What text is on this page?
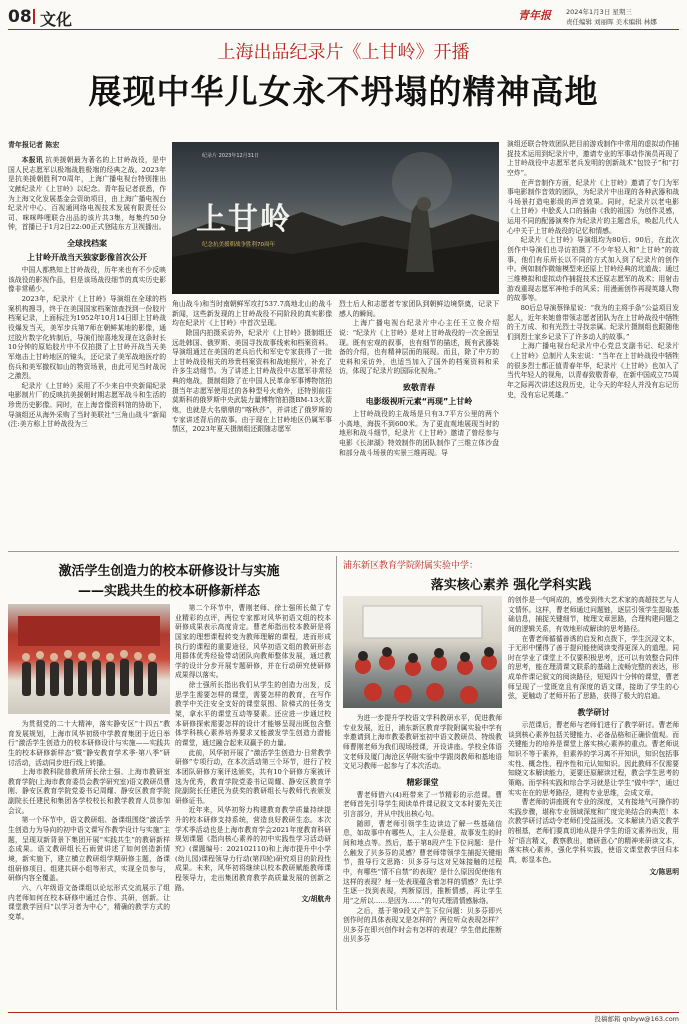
08 文化	青年报 2024年1月3日 星期三
责任编辑 刘丽晖 美术编辑 林娜
上海出品纪录片《上甘岭》开播
展现中华儿女永不坍塌的精神高地
青年报记者 陈宏

本报讯 抗美援朝最为著名的上甘岭战役，是中国人民志愿军以极端战胜极端的经典之战。2023年是抗美援朝胜利70周年，上海广播电视台特别推出文献纪录片《上甘岭》以纪念。青年报记者获悉，作为上海文化发展基金会资助项目，由上海广播电视台纪录片中心、百视通网络电视技术发展有限责任公司、咪咪哔哩联合出品的该片共3集，每集约50分钟，首播已于1月2日22:00正式登陆东方卫视播出。

全球找档案
上甘岭开战当天独家影像首次公开

中国人都熟知上甘岭战役，历年来也有不少反映该战役的影视作品，但是该场战役细节的真实历史影像非常稀少。

2023年，纪录片《上甘岭》导演组在全球的档案机构搜寻，终于在美国国家档案馆查找到一份胶片档案记录，上面标注为1952年10月14日即上甘岭战役爆发当天，美军步兵第7师在朝鲜某地的影像，通过胶片数字化转制后，导演们惊喜地发现在这条时长10分钟的原始胶片中不仅拍摄了上甘岭开战当天美军炮击上甘岭地区的镜头，还记录了美军战地医疗的伤兵和美军撤权如山的物资场景，由此可见当时战况之激烈。

纪录片《上甘岭》采用了不少来自中央新闻纪录电影制片厂的反映抗美援朝时期志愿军战斗和生活的珍贵历史影像。同时，在上海音像资料馆的协助下，导演组还从海外采购了当时美联社“三角山战斗”新闻(注:美方称上甘岭战役为三

纪录片 2023年12月31日
上甘岭
纪念抗美援朝战争胜利70周年

角山战斗)和当时南朝鲜军攻打537.7高地北山的战斗新闻，这些新发现的上甘岭战役不同阶段的真实影像均在纪录片《上甘岭》中首次呈现。

除国内拍摄采访外，纪录片《上甘岭》摄制组还远赴韩国、俄罗斯、美国寻找故事线索和档案资料。导演组通过在美国的老兵后代和军史专家获得了一批上甘岭战役相关的珍贵档案资料和战地照片，补充了许多生动细节。为了讲述上甘岭战役中志愿军非常经典的炮战，摄制组除了在中国人民革命军事博物馆拍摄当年志愿军使用过的各种型号火炮外，还特别前往莫斯科的俄罗斯中央武装力量博物馆拍摄BM-13火箭炮，也就是大名鼎鼎的“喀秋莎”，并讲述了俄罗斯的专家讲述背后的故事。由于现在上甘岭地区仍属军事禁区，2023年夏天摄制组还跟随志愿军

烈士后人和志愿者专家团队到朝鲜边境祭奠，记录下感人的瞬间。

上海广播电视台纪录片中心主任王立俊介绍说：“纪录片《上甘岭》是对上甘岭战役的一次全面呈现。既有宏观的叙事，也有细节的描述，既有武器装备的介绍，也有精神层面的展现。而且，除了中方的史料和采访外，也适当加入了国外的档案资料和采访，体现了纪录片的国际化视角。”

致敬青春
电影级视听元素“再现”上甘岭

上甘岭战役的主战场是只有3.7平方公里的两个小高地，海拔不到600米。为了更直观地展现当时的地形和战斗细节，纪录片《上甘岭》邀请了曾经参与电影《长津湖》特效制作的团队制作了三维立体沙盘和部分战斗场景的实景三维再现。导

演组还联合特效团队把目前游戏制作中常用的虚拟动作捕捉技术运用到纪录片中，邀请专业的军事动作演员再现了上甘岭战役中志愿军老兵发明的创新战术“包饺子”和“打空炸”。

在声音制作方面，纪录片《上甘岭》邀请了专门为军事电影制作音效的团队，为纪录片中出现的各种武器和战斗场景打造电影级的声音效果。同时，纪录片以老电影《上甘岭》中脍炙人口的插曲《我的祖国》为创作灵感，运用不同的配器演奏作为纪录片的主题音乐，唤起几代人心中关于上甘岭战役的记忆和情感。

纪录片《上甘岭》导演组均为80后、90后，在此次创作中导演们也寻访拍摄了不少年轻人和“上甘岭”的故事，他们有乐所长以不同的方式加入到了纪录片的创作中。例如制作微缩模型来还原上甘岭经典的坑道战；通过三维模拟和虚拟动作捕捉技术还原志愿军的战术；用射击游戏重现志愿军神枪手的风采；用漫画创作再现英雄人物的故事等。

80后总导演蔡锋星说：“我为的主将手条“公益项目发起人，近年来她曾带领志愿者团队为在上甘岭战役中牺牲的王万成、和有光烈士寻找亲属。纪录片摄制组也跟随他们到烈士家乡记录下了许多动人的故事。”

上海广播电视台纪录片中心党总支副书记、纪录片《上甘岭》总制片人朱宏说：“当年在上甘岭战役中牺牲的很多烈士都正值青春年华，纪录片《上甘岭》也加入了当代年轻人的视角，以青春致敬青春，在新中国成立75周年之际再次讲述这段历史，让今天的年轻人并没有忘记历史，没有忘记英雄。”

激活学生创造力的校本研修设计与实施
——实践共生的校本研修新样态

为贯彻党的二十大精神，落实静安区“十四五”教育发展规划，上海市风华初级中学教育集团于近日举行“激活学生创造力的校本研修设计与实施——实践共生的校本研修新样态”暨“静安教育学术季·第八季”研讨活动，活动同步进行线上转播。

上海市教科院普教所所长徐士强、上海市教研室教育学院(上海市教育委员会教学研究室)语文教研员曹刚、静安区教育学院党委书记周耀、静安区教育学院副院长任建民和集团各学校校长和教学教育人员参加会议。

第一个环节中，语文教研组、备课组围绕“激活学生创造力为导向的初中语文课写作教学设计与实施”主题，呈现双新背景下集团开展“实践共生”的教研新样态成果。语文教研组长石雨萱讲述了如何创造新情境，新实施下，建立横立教研组学期研修主题，备课组研修项目、组建共研小组等形式，实现全员参与，研修内容全覆盖。

六、八年级语文备课组以论坛形式交流展示了组内老师如何在校本研修中通过合作、共研，创新。让课堂教学回归“以学习者为中心”，精确的教学方式的变革。

第二个环节中，曹刚老师、徐士强所长做了专业精彩的点评，两位专家都对风华初语文组的校本研修成果表示高度肯定。曹老师指出校本教研是将国家的理想课程转变为教师理解的课程，进而形成执行的课程的重要途径，风华初语文组的教研形态用群体优秀经验带动团队向教师整体发展，通过教学的设计分步开展专题研修，并在行动研究使研修成果得以落实。

徐士强所长指出我们从学生的创造力出发，反思学生需要怎样的课堂，需要怎样的教育，在写作教学中关注安全支好的课堂氛围、阶梯式的任务支架，拿水平的课堂互动等要素。还应进一步通过校本研修探索需要怎样的设计才能够呈现出既包含整体学科核心素养培养要求又能激发学生创造力潜能的课堂，通过融合起来双赢予的力量。

此前，风华初开展了“激活学生创造力·日常教学研修”专项行动，在本次活动第三个环节，进行了校本团队研修方案评选颁奖，共有10个研修方案被评选为优秀，教育学院党委书记周耀、静安区教育学院副院长任建民为获奖的教研组长与教师代表颁发研修证书。

近年来，风华初努力构建教育教学质量持续提升的校本研修支持系统，营造良好教研生态。本次学术季活动也是上海市教育学会2021年度教育科研规划课题《指向核心素养的初中实践性学习活动研究》(课题编号：202102110)和上海市提升中小学(幼儿园)课程领导力行动(第四轮)研究项目的阶段性成果。未来，风华初将继续以校本教研赋能教师课程领导力，走出集团教育教学高质量发展的创新之路。

文/胡航舟
浦东新区教育学院附属实验中学：
落实核心素养 强化学科实践

为进一步提升学校语文学科教研水平，促进教师专业发展，近日，浦东新区教育学院附属实验中学有幸邀请到上海市教委教研室初中语文教研员、特级教师曹刚老师为我们现场授课，开设讲座。学校全体语文老师及厦门海沧区华附实验中学跟岗教师和基地语文见习教师一起参与了本次活动。

精彩课堂

曹老师借六(4)班带来了一节精彩的示范课。曹老师首先引导学生阅读单件课记叙文文本时要先关注引言部分，并从中找出核心句。

随即，曹老师引领学生边读边了解一些基础信息，如故事中有哪些人，主人公是谁，故事发生的时间和地点等。然后，基于第8段产生下位问题：是什么触发了贝多芬的灵感？曹老师带领学生捕捉关键细节，推导行文思路：贝多芬与这对兄妹接触的过程中，有哪些“情不自禁”的表现？是什么原因促使他有这样的表现？每一处表现蕴含着怎样的情感？先让学生逐一找到表现，判断原因，推断情感，再让学生用“之所以……是因为……”的句式理清情感脉络。

之后，基于第9段又产生下位问题：贝多芬即兴创作时的具体表现又是怎样的？两位听众表现怎样？贝多芬在即兴创作时会有怎样的表现？学生借此推断出贝多芬

的创作是一气呵成的，感受到伟大艺术家的高超技艺与人文情怀。这样，曹老师通过问题链，逐层引领学生提取基础信息，捕捉关键细节，梳理文章思路，合理构建问题之间的逻辑关系，有效地形成解读的思考路径。

在曹老师循循善诱的启发和点拨下，学生沉浸文本，于无形中懂得了善于提问能使阅读变得更深入的道理。同时在学业了课堂上不仅要积极思考，还可以有效整合同伴的思考，能在理清课文联系的基础上流畅完整的表达，形成单件课记叙文的阅读路径，短短四十分钟的课堂，曹老师呈现了一堂既宽且有深度的语文课，接助了学生的心弦，更触动了老师开拓了思路，获得了极大的启迪。

教学研讨

示范课后，曹老师与老师们进行了教学研讨。曹老师谈到核心素养包括关键能力、必备品格和正确价值观。而关键能力的培养是课堂上落实核心素养的重点。曹老师说知识不等于素养，但素养的学习离不开知识，知识包括事实性、概念性、程序性和元认知知识。因此教师不仅需要知晓文本解读能力，更要还原解读过程，教会学生思考的策略。而学科实践和综合学习就是让学生“做中学”，通过实实在在的思考路径，建构专业思维，会成文章。

曹老师的讲座既有专业的深度，又有接地气可操作的实践步骤，堪称专业领域深度和广度完美结合的典范！本次教学研讨活动令老师们受益匪浅。文本解读乃语文教学的根基，老师们要真切地从提升学生的语文素养出发，用好“语言精义，教察教出，磨研意心”的精神来研读文本，落实核心素养，强化学科实践，使语文课堂教学回归本真，彰显本色。

文/陈思明
投稿邮箱 qnbyw@163.com
